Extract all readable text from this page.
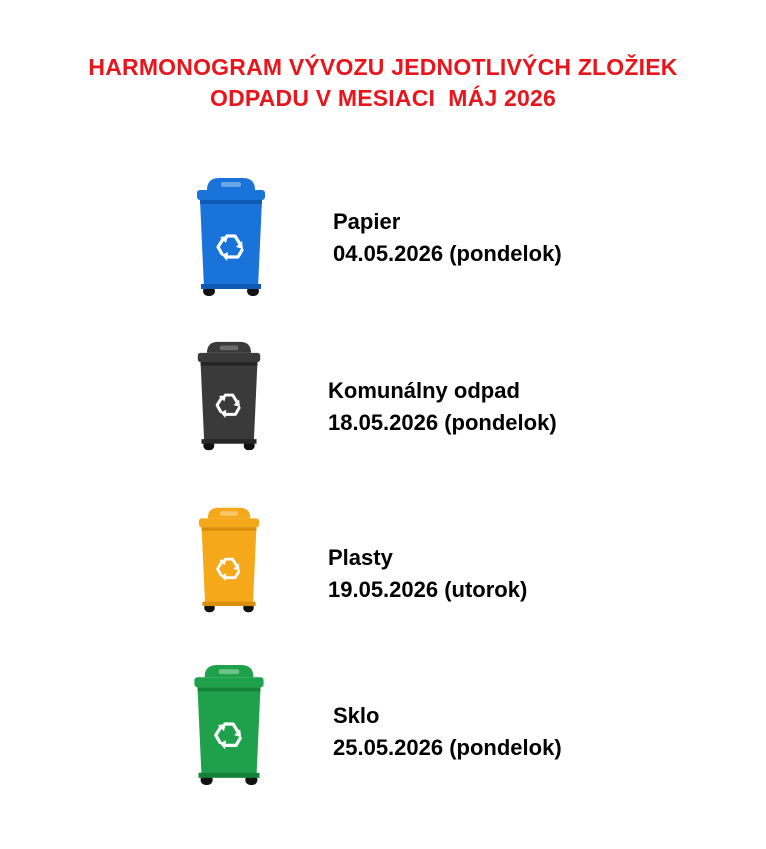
HARMONOGRAM VÝVOZU JEDNOTLIVÝCH ZLOŽIEK
ODPADU V MESIACI  MÁJ 2026
Papier
04.05.2026 (pondelok)
Komunálny odpad
18.05.2026 (pondelok)
Plasty
19.05.2026 (utorok)
Sklo
25.05.2026 (pondelok)
